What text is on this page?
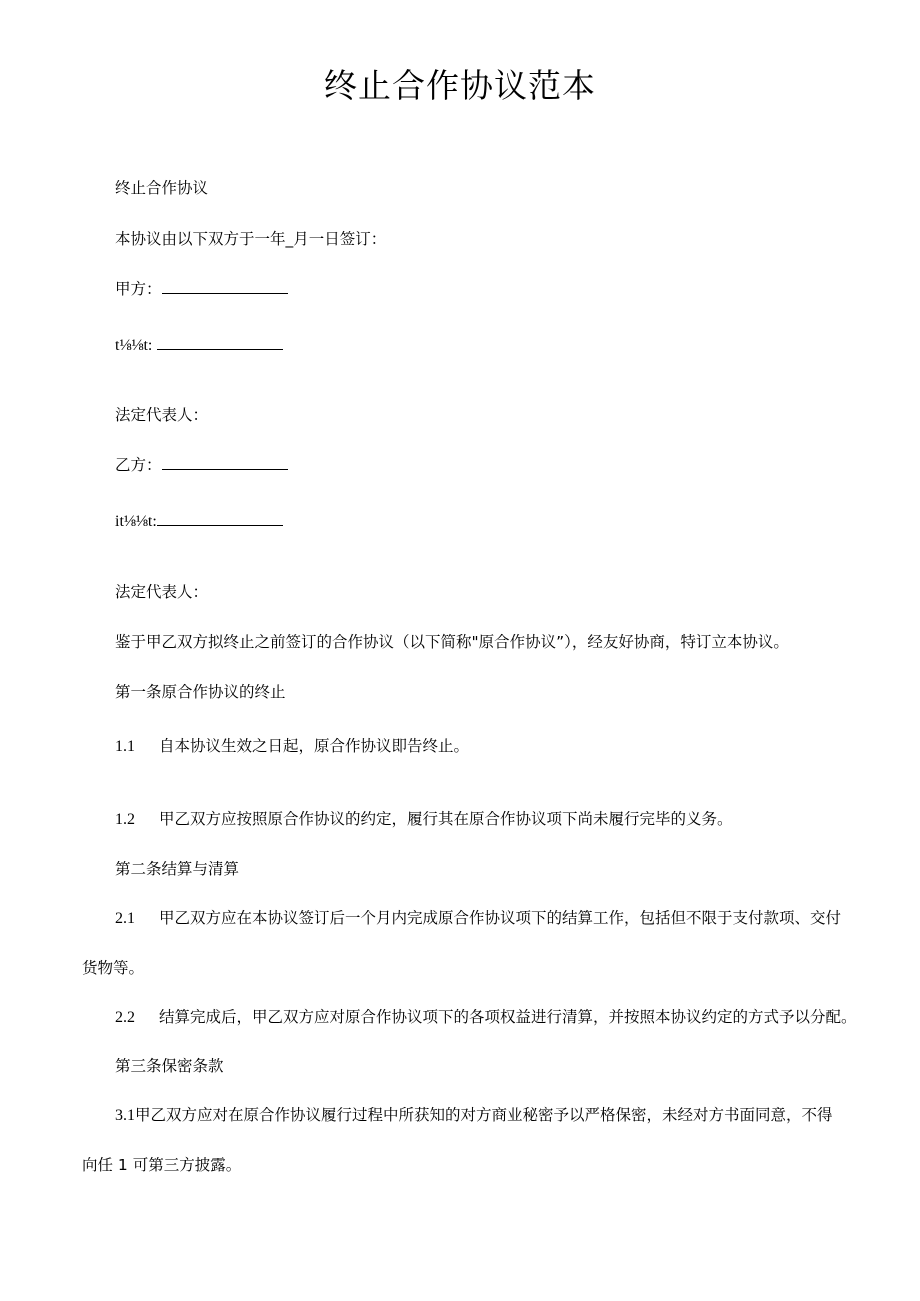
终止合作协议范本

终止合作协议

本协议由以下双方于一年_月一日签订：

甲方：

t⅛⅛t:

法定代表人：

乙方：

it⅛⅛t:

法定代表人：

鉴于甲乙双方拟终止之前签订的合作协议（以下简称"原合作协议”），经友好协商，特订立本协议。

第一条原合作协议的终止

1.1 自本协议生效之日起，原合作协议即告终止。

1.2 甲乙双方应按照原合作协议的约定，履行其在原合作协议项下尚未履行完毕的义务。

第二条结算与清算

2.1 甲乙双方应在本协议签订后一个月内完成原合作协议项下的结算工作，包括但不限于支付款项、交付

货物等。

2.2 结算完成后，甲乙双方应对原合作协议项下的各项权益进行清算，并按照本协议约定的方式予以分配。

第三条保密条款

3.1甲乙双方应对在原合作协议履行过程中所获知的对方商业秘密予以严格保密，未经对方书面同意，不得

向任 1 可第三方披露。
